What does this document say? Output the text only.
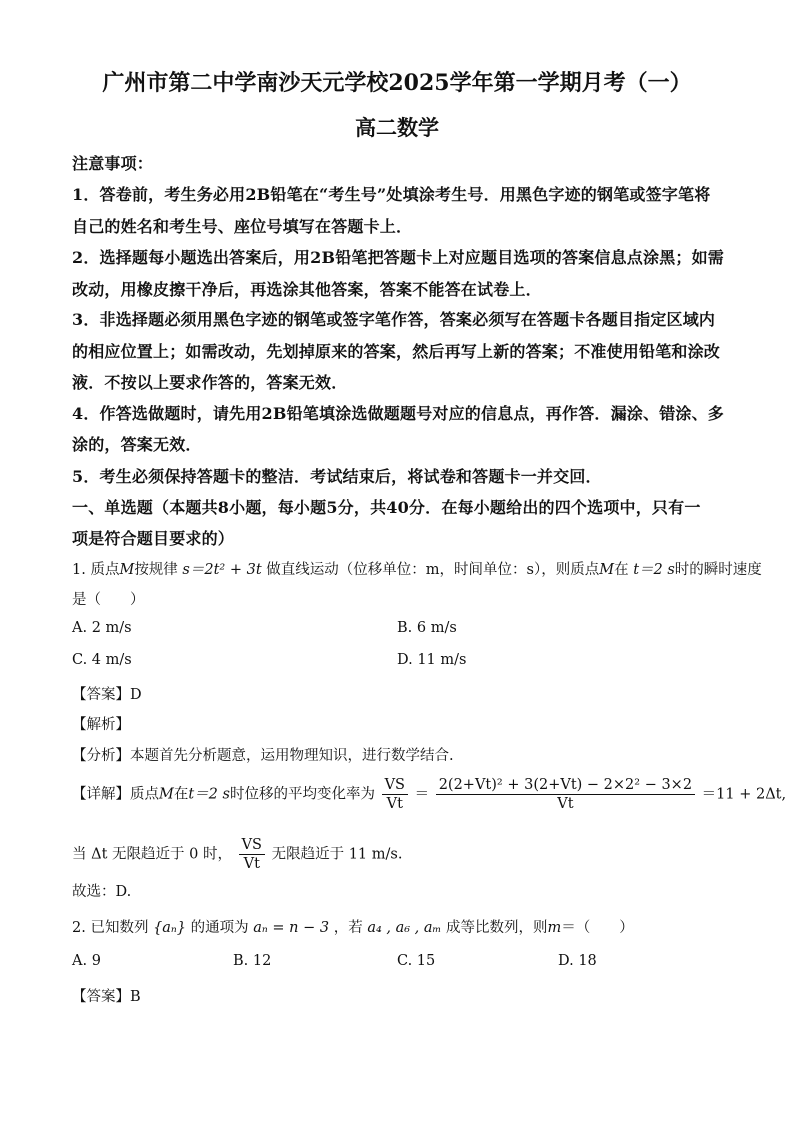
广州市第二中学南沙天元学校2025学年第一学期月考（一）
高二数学
注意事项：
1．答卷前，考生务必用2B铅笔在“考生号”处填涂考生号．用黑色字迹的钢笔或签字笔将
自己的姓名和考生号、座位号填写在答题卡上．
2．选择题每小题选出答案后，用2B铅笔把答题卡上对应题目选项的答案信息点涂黑；如需
改动，用橡皮擦干净后，再选涂其他答案，答案不能答在试卷上．
3．非选择题必须用黑色字迹的钢笔或签字笔作答，答案必须写在答题卡各题目指定区域内
的相应位置上；如需改动，先划掉原来的答案，然后再写上新的答案；不准使用铅笔和涂改
液．不按以上要求作答的，答案无效．
4．作答选做题时，请先用2B铅笔填涂选做题题号对应的信息点，再作答．漏涂、错涂、多
涂的，答案无效．
5．考生必须保持答题卡的整洁．考试结束后，将试卷和答题卡一并交回．
一、单选题（本题共8小题，每小题5分，共40分．在每小题给出的四个选项中，只有一
项是符合题目要求的）
1. 质点M按规律 s＝2t² + 3t 做直线运动（位移单位：m，时间单位：s），则质点M在 t＝2 s时的瞬时速度
是（　　）
A. 2 m/s	B. 6 m/s
C. 4 m/s	D. 11 m/s
【答案】D
【解析】
【分析】本题首先分析题意，运用物理知识，进行数学结合.
【详解】质点M在t＝2 s时位移的平均变化率为 $\frac{VS}{Vt} = \frac{\text{2(2+Vt)² + 3(2+Vt) − 2×2² − 3×2}}{Vt} =11 + 2\Delta t$,
当 Δt 无限趋近于 0 时， $\frac{VS}{Vt}$ 无限趋近于 11 m/s.
故选：D.
2. 已知数列 {aₙ} 的通项为 aₙ = n − 3 ，若 a₄ , a₆ , aₘ 成等比数列，则m＝（　　）
A. 9	B. 12	C. 15	D. 18
【答案】B
